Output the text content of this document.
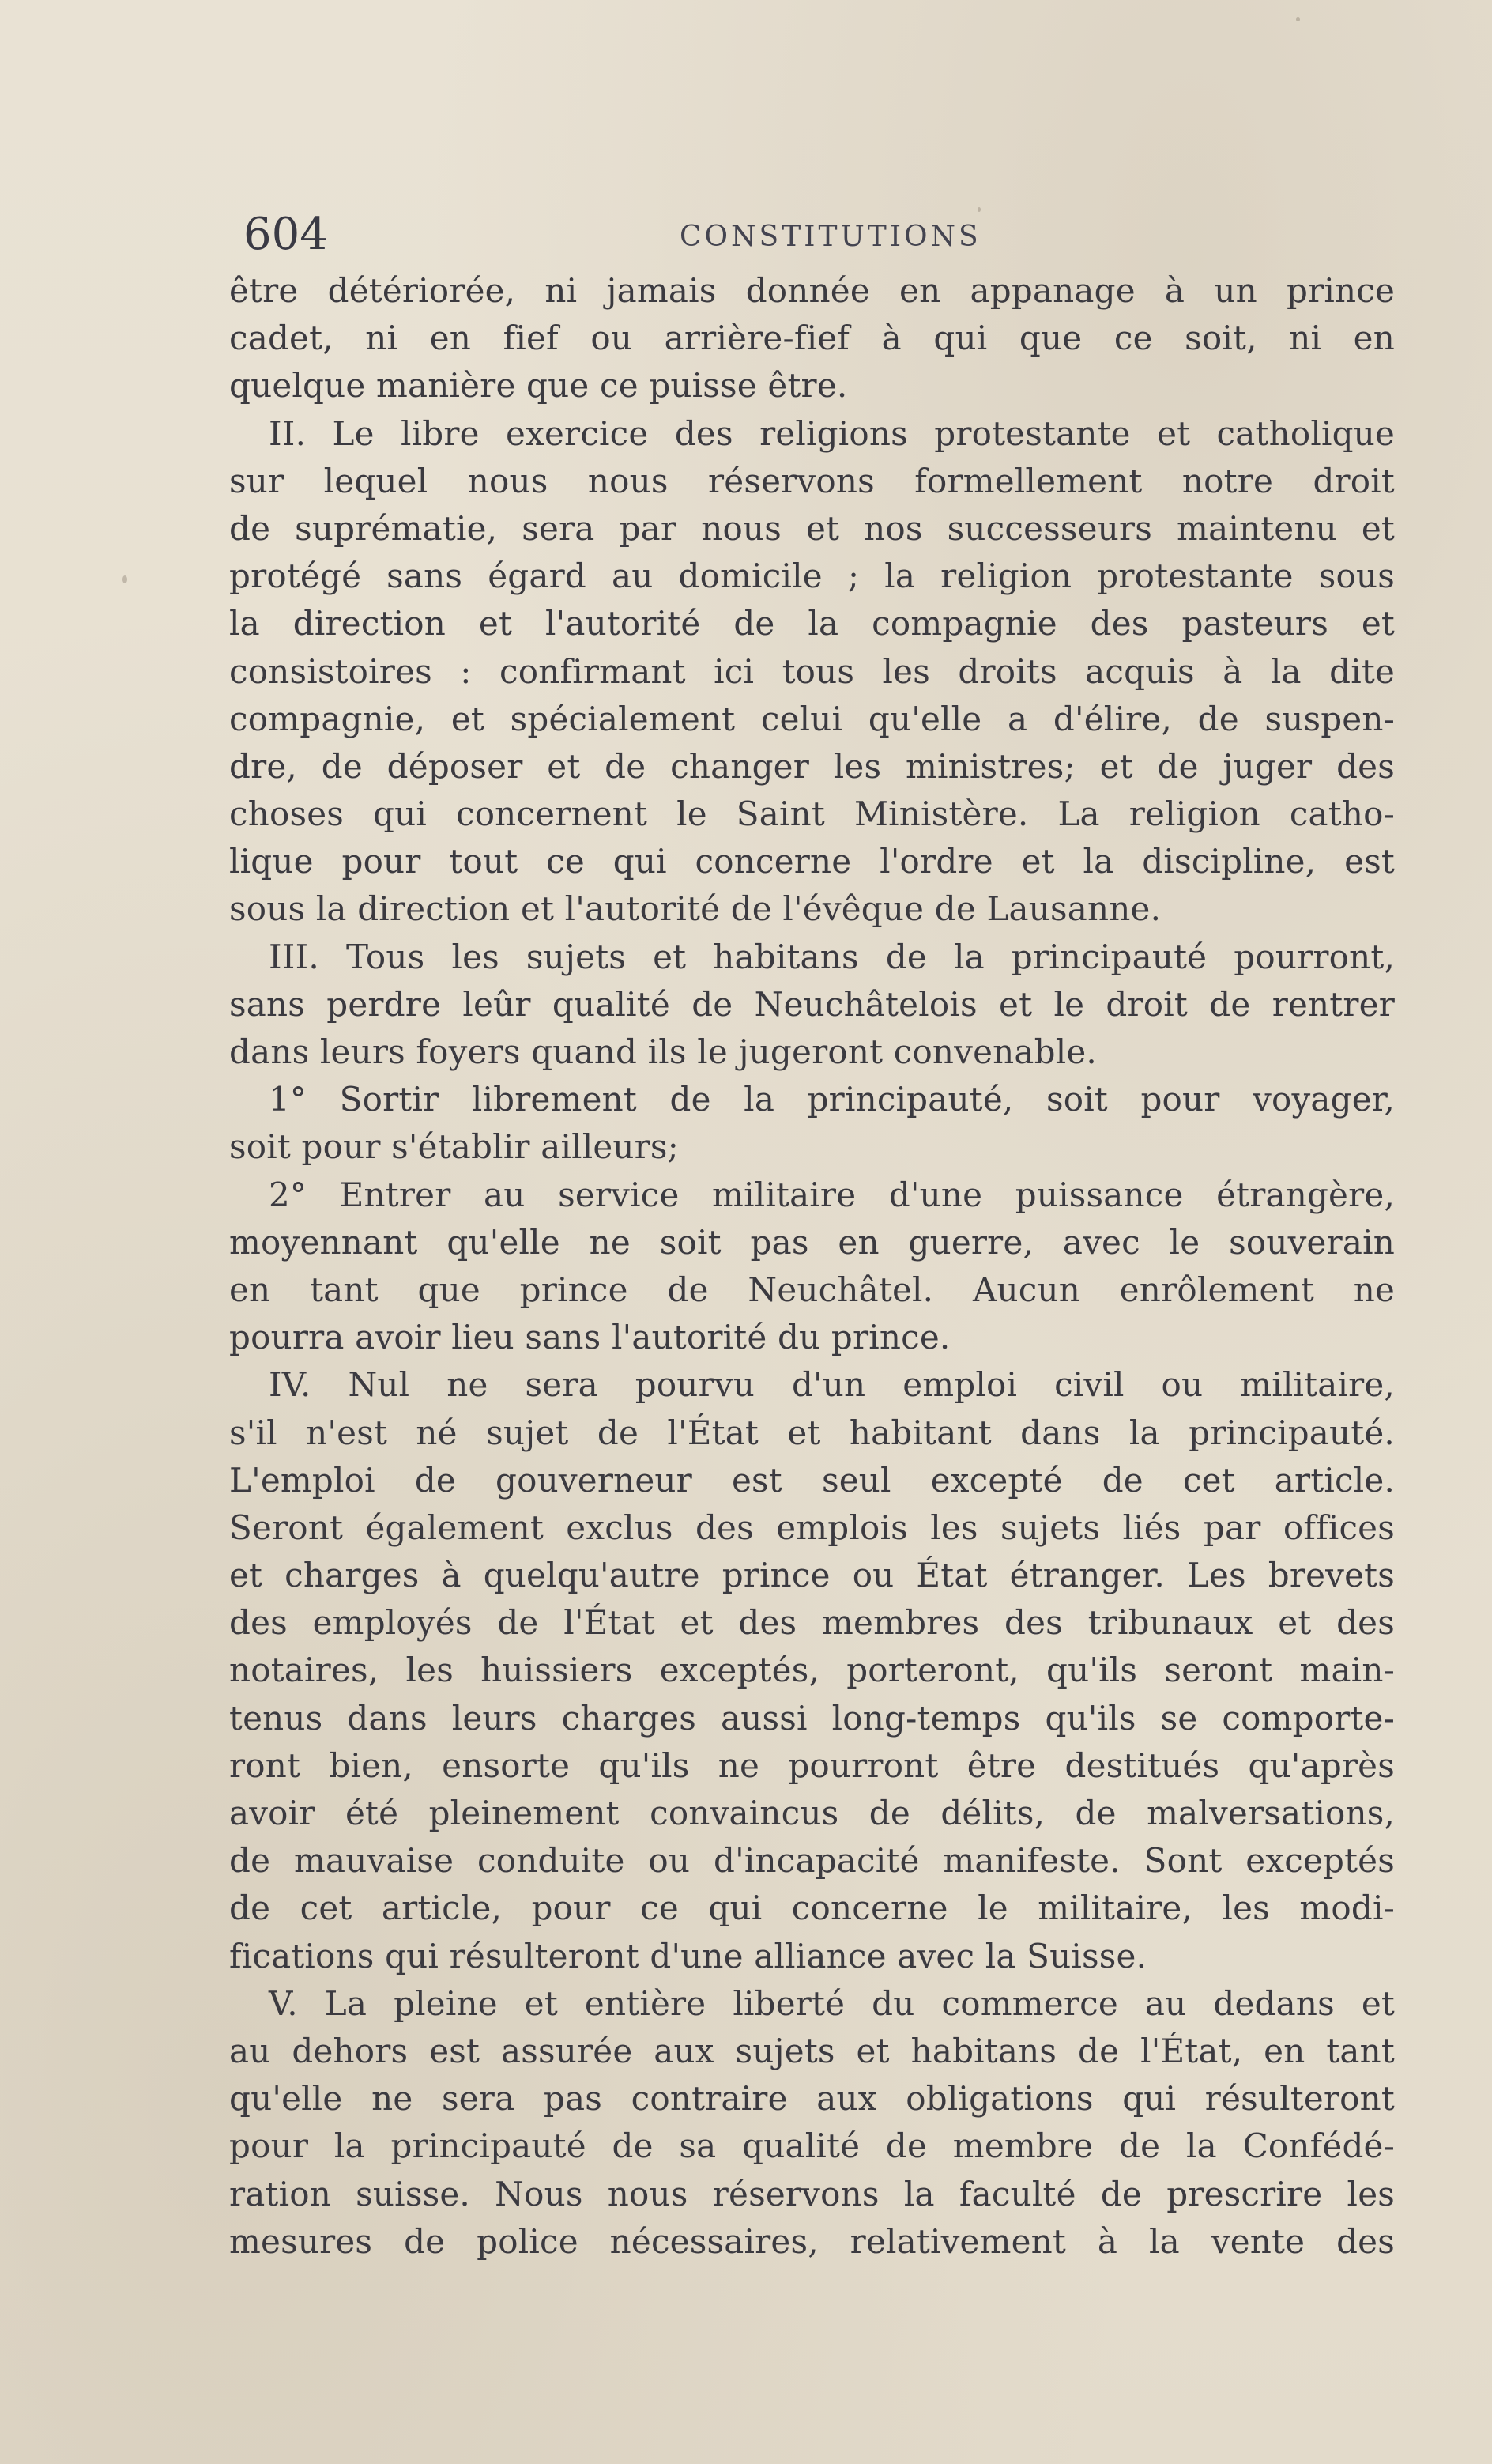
604	CONSTITUTIONS
être détériorée, ni jamais donnée en appanage à un prince
cadet, ni en fief ou arrière-fief à qui que ce soit, ni en
quelque manière que ce puisse être.
II. Le libre exercice des religions protestante et catholique
sur lequel nous nous réservons formellement notre droit
de suprématie, sera par nous et nos successeurs maintenu et
protégé sans égard au domicile ; la religion protestante sous
la direction et l'autorité de la compagnie des pasteurs et
consistoires : confirmant ici tous les droits acquis à la dite
compagnie, et spécialement celui qu'elle a d'élire, de suspen-
dre, de déposer et de changer les ministres; et de juger des
choses qui concernent le Saint Ministère. La religion catho-
lique pour tout ce qui concerne l'ordre et la discipline, est
sous la direction et l'autorité de l'évêque de Lausanne.
III. Tous les sujets et habitans de la principauté pourront,
sans perdre leûr qualité de Neuchâtelois et le droit de rentrer
dans leurs foyers quand ils le jugeront convenable.
1° Sortir librement de la principauté, soit pour voyager,
soit pour s'établir ailleurs;
2° Entrer au service militaire d'une puissance étrangère,
moyennant qu'elle ne soit pas en guerre, avec le souverain
en tant que prince de Neuchâtel. Aucun enrôlement ne
pourra avoir lieu sans l'autorité du prince.
IV. Nul ne sera pourvu d'un emploi civil ou militaire,
s'il n'est né sujet de l'État et habitant dans la principauté.
L'emploi de gouverneur est seul excepté de cet article.
Seront également exclus des emplois les sujets liés par offices
et charges à quelqu'autre prince ou État étranger. Les brevets
des employés de l'État et des membres des tribunaux et des
notaires, les huissiers exceptés, porteront, qu'ils seront main-
tenus dans leurs charges aussi long-temps qu'ils se comporte-
ront bien, ensorte qu'ils ne pourront être destitués qu'après
avoir été pleinement convaincus de délits, de malversations,
de mauvaise conduite ou d'incapacité manifeste. Sont exceptés
de cet article, pour ce qui concerne le militaire, les modi-
fications qui résulteront d'une alliance avec la Suisse.
V. La pleine et entière liberté du commerce au dedans et
au dehors est assurée aux sujets et habitans de l'État, en tant
qu'elle ne sera pas contraire aux obligations qui résulteront
pour la principauté de sa qualité de membre de la Confédé-
ration suisse. Nous nous réservons la faculté de prescrire les
mesures de police nécessaires, relativement à la vente des
